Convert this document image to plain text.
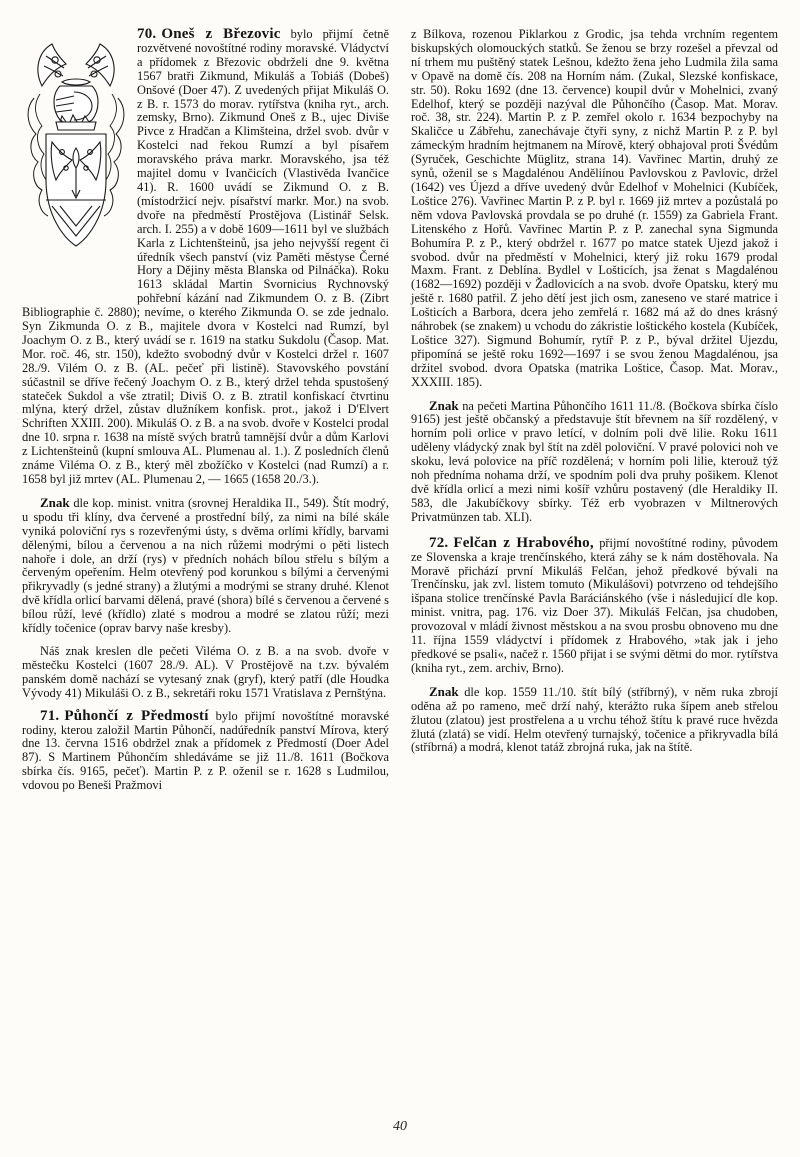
70. Oneš z Březovic bylo přijmí četně rozvětvené novoštítné rodiny moravské. Vládyctví a přídomek z Březovic obdrželi dne 9. května 1567 bratři Zikmund, Mikuláš a Tobiáš (Dobeš) Onšové (Doer 47). Z uvedených přijat Mikuláš O. z B. r. 1573 do morav. rytířstva (kniha ryt., arch. zemsky, Brno). Zikmund Oneš z B., ujec Diviše Pivce z Hradčan a Klimšteina, držel svob. dvůr v Kostelci nad řekou Rumzí a byl písařem moravského práva markr. Moravského, jsa též majitel domu v Ivančicích (Vlastivěda Ivančice 41). R. 1600 uvádí se Zikmund O. z B. (místodržicí nejv. písařství markr. Mor.) na svob. dvoře na předměstí Prostějova (Listinář Selsk. arch. I. 255) a v době 1609—1611 byl ve službách Karla z Lichtenšteinů, jsa jeho nejvyšší regent či úředník všech panství (viz Paměti městyse Černé Hory a Dějiny města Blanska od Pilnáčka). Roku 1613 skládal Martin Svornicius Rychnovský pohřební kázání nad Zikmundem O. z B. (Zibrt Bibliographie č. 2880); nevíme, o kterého Zikmunda O. se zde jednalo. Syn Zikmunda O. z B., majitele dvora v Kostelci nad Rumzí, byl Joachym O. z B., který uvádí se r. 1619 na statku Sukdolu (Časop. Mat. Mor. roč. 46, str. 150), kdežto svobodný dvůr v Kostelci držel r. 1607 28./9. Vilém O. z B. (AL. pečeť při listině). Stavovského povstání súčastnil se dříve řečený Joachym O. z B., který držel tehda spustošený stateček Sukdol a vše ztratil; Diviš O. z B. ztratil konfiskací čtvrtinu mlýna, který držel, zůstav dlužníkem konfisk. prot., jakož i D'Elvert Schriften XXIII. 200). Mikuláš O. z B. a na svob. dvoře v Kostelci prodal dne 10. srpna r. 1638 na místě svých bratrů tamnější dvůr a dům Karlovi z Lichtenšteinů (kupní smlouva AL. Plumenau al. 1.). Z posledních členů známe Viléma O. z B., který měl zbožíčko v Kostelci (nad Rumzí) a r. 1658 byl již mrtev (AL. Plumenau 2, — 1665 (1658 20./3.).

Znak dle kop. minist. vnitra (srovnej Heraldika II., 549). Štít modrý, u spodu tři klíny, dva červené a prostřední bílý, za nimi na bílé skále vyniká poloviční rys s rozevřenými ústy, s dvěma orlími křídly, barvami dělenými, bílou a červenou a na nich růžemi modrými o pěti listech nahoře i dole, an drží (rys) v předních nohách bílou střelu s bílým a červeným opeřením. Helm otevřený pod korunkou s bílými a červenými přikryvadly (s jedné strany) a žlutými a modrými se strany druhé. Klenot dvě křídla orlicí barvami dělená, pravé (shora) bílé s červenou a červené s bílou růží, levé (křídlo) zlaté s modrou a modré se zlatou růží; mezi křídly točenice (oprav barvy naše kresby).

Náš znak kreslen dle pečeti Viléma O. z B. a na svob. dvoře v městečku Kostelci (1607 28./9. AL). V Prostějově na t.zv. bývalém panském domě nachází se vytesaný znak (gryf), který patří (dle Houdka Vývody 41) Mikuláši O. z B., sekretáři roku 1571 Vratislava z Pernštýna.

71. Půhončí z Předmostí bylo přijmí novoštítné moravské rodiny, kterou založil Martin Půhončí, nadúředník panství Mírova, který dne 13. června 1516 obdržel znak a přídomek z Předmostí (Doer Adel 87). S Martinem Půhončím shledáváme se již 11./8. 1611 (Bočkova sbírka čís. 9165, pečeť). Martin P. z P. oženil se r. 1628 s Ludmilou, vdovou po Beneši Pražmovi

z Bílkova, rozenou Piklarkou z Grodic, jsa tehda vrchním regentem biskupských olomouckých statků. Se ženou se brzy rozešel a převzal od ní trhem mu puštěný statek Lešnou, kdežto žena jeho Ludmila žila sama v Opavě na domě čís. 208 na Horním nám. (Zukal, Slezské konfiskace, str. 50). Roku 1692 (dne 13. července) koupil dvůr v Mohelnici, zvaný Edelhof, který se později nazýval dle Půhončího (Časop. Mat. Morav. roč. 38, str. 224). Martin P. z P. zemřel okolo r. 1634 bezpochyby na Skaličce u Zábřehu, zanechávaje čtyři syny, z nichž Martin P. z P. byl zámeckým hradním hejtmanem na Mírově, který obhajoval proti Švédům (Syruček, Geschichte Müglitz, strana 14). Vavřinec Martin, druhý ze synů, oženil se s Magdalénou Anděliínou Pavlovskou z Pavlovic, držel (1642) ves Újezd a dříve uvedený dvůr Edelhof v Mohelnici (Kubíček, Loštice 276). Vavřinec Martin P. z P. byl r. 1669 již mrtev a pozůstalá po něm vdova Pavlovská provdala se po druhé (r. 1559) za Gabriela Frant. Litenského z Hořů. Vavřinec Martin P. z P. zanechal syna Sigmunda Bohumíra P. z P., který obdržel r. 1677 po matce statek Ujezd jakož i svobod. dvůr na předměstí v Mohelnici, který již roku 1679 prodal Maxm. Frant. z Deblína. Bydlel v Lošticích, jsa ženat s Magdalénou (1682—1692) později v Žadlovicích a na svob. dvoře Opatsku, který mu ještě r. 1680 patřil. Z jeho dětí jest jich osm, zaneseno ve staré matrice i Lošticích a Barbora, dcera jeho zemřelá r. 1682 má až do dnes krásný náhrobek (se znakem) u vchodu do zákristie loštického kostela (Kubíček, Loštice 327). Sigmund Bohumír, rytíř P. z P., býval držitel Ujezdu, připomíná se ještě roku 1692—1697 i se svou ženou Magdalénou, jsa držitel svobod. dvora Opatska (matrika Loštice, Časop. Mat. Morav., XXXIII. 185).

Znak na pečeti Martina Půhončího 1611 11./8. (Bočkova sbírka číslo 9165) jest ještě občanský a představuje štít břevnem na šíř rozdělený, v horním poli orlice v pravo letící, v dolním poli dvě lilie. Roku 1611 uděleny vládycký znak byl štít na zděl poloviční. V pravé polovici noh ve skoku, levá polovice na příč rozdělená; v horním poli lilie, kterouž týž noh předníma nohama drží, ve spodním poli dva pruhy pošikem. Klenot dvě křídla orlicí a mezi nimi košíř vzhůru postavený (dle Heraldiky II. 583, dle Jakubíčkovy sbírky. Též erb vyobrazen v Miltnerových Privatmünzen tab. XLI).

72. Felčan z Hrabového, přijmí novoštítné rodiny, původem ze Slovenska a kraje trenčínského, která záhy se k nám dostěhovala. Na Moravě přichází první Mikuláš Felčan, jehož předkové bývali na Trenčínsku, jak zvl. listem tomuto (Mikulášovi) potvrzeno od tehdejšího išpana stolice trenčínské Pavla Baráciánského (vše i následujicí dle kop. minist. vnitra, pag. 176. viz Doer 37). Mikuláš Felčan, jsa chudoben, provozoval v mládí živnost městskou a na svou prosbu obnoveno mu dne 11. října 1559 vládyctví i přídomek z Hrabového, »tak jak i jeho předkové se psali«, načež r. 1560 přijat i se svými dětmi do mor. rytířstva (kniha ryt., zem. archiv, Brno).

Znak dle kop. 1559 11./10. štít bílý (stříbrný), v něm ruka zbrojí oděna až po rameno, meč drží nahý, kterážto ruka šípem aneb střelou žlutou (zlatou) jest prostřelena a u vrchu téhož štítu k pravé ruce hvězda žlutá (zlatá) se vidí. Helm otevřený turnajský, točenice a přikryvadla bílá (stříbrná) a modrá, klenot tatáž zbrojná ruka, jak na štítě.

40
